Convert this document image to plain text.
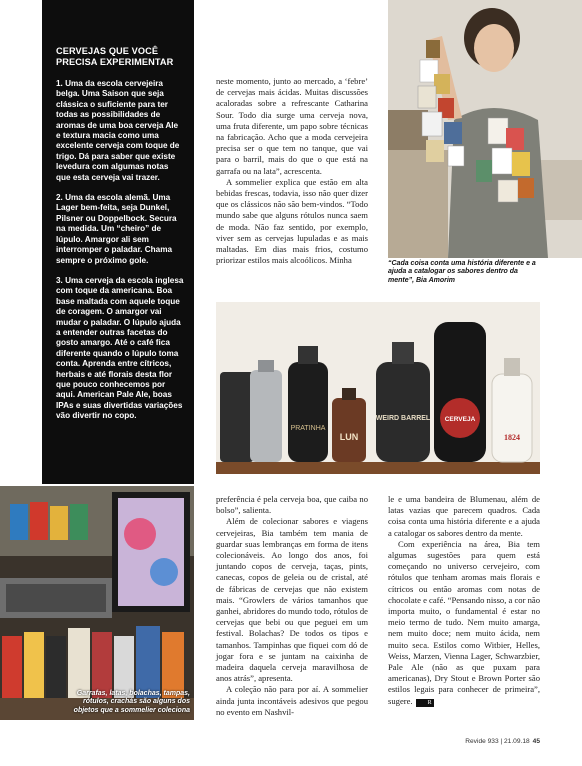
CERVEJAS QUE VOCÊ PRECISA EXPERIMENTAR

1. Uma da escola cervejeira belga. Uma Saison que seja clássica o suficiente para ter todas as possibilidades de aromas de uma boa cerveja Ale e textura macia como uma excelente cerveja com toque de trigo. Dá para saber que existe levedura com algumas notas que esta cerveja vai trazer.

2. Uma da escola alemã. Uma Lager bem-feita, seja Dunkel, Pilsner ou Doppelbock. Secura na medida. Um “cheiro” de lúpulo. Amargor ali sem interromper o paladar. Chama sempre o próximo gole.

3. Uma cerveja da escola inglesa com toque da americana. Boa base maltada com aquele toque de coragem. O amargor vai mudar o paladar. O lúpulo ajuda a entender outras facetas do gosto amargo. Até o café fica diferente quando o lúpulo toma conta. Aprenda entre cítricos, herbais e até florais desta flor que pouco conhecemos por aqui. American Pale Ale, boas IPAs e suas divertidas variações vão divertir no copo.

neste momento, junto ao mercado, a ‘febre’ de cervejas mais ácidas. Muitas discussões acaloradas sobre a refrescante Catharina Sour. Todo dia surge uma cerveja nova, uma fruta diferente, um papo sobre técnicas na fabricação. Acho que a moda cervejeira precisa ser o que tem no tanque, que vai para o barril, mais do que o que está na garrafa ou na lata”, acrescenta.

A sommelier explica que estão em alta bebidas frescas, todavia, isso não quer dizer que os clássicos não são bem-vindos. “Todo mundo sabe que alguns rótulos nunca saem de moda. Não faz sentido, por exemplo, viver sem as cervejas lupuladas e as mais maltadas. Em dias mais frios, costumo priorizar estilos mais alcoólicos. Minha	“Cada coisa conta uma história diferente e a ajuda a catalogar os sabores dentro da mente”, Bia Amorim
PRATINHA
LUN
WEIRD BARREL CERVEJA
1824
Garrafas, latas, bolachas, tampas, rótulos, crachás são alguns dos objetos que a sommelier coleciona

preferência é pela cerveja boa, que caiba no bolso”, salienta.

Além de colecionar sabores e viagens cervejeiras, Bia também tem mania de guardar suas lembranças em forma de itens colecionáveis. Ao longo dos anos, foi juntando copos de cerveja, taças, pints, canecas, copos de geleia ou de cristal, até de fábricas de cervejas que não existem mais. “Growlers de vários tamanhos que ganhei, abridores do mundo todo, rótulos de cervejas que bebi ou que peguei em um festival. Bolachas? De todos os tipos e tamanhos. Tampinhas que fiquei com dó de jogar fora e se juntam na caixinha de madeira daquela cerveja maravilhosa de anos atrás”, apresenta.

A coleção não para por aí. A sommelier ainda junta incontáveis adesivos que pegou no evento em Nashvil-

le e uma bandeira de Blumenau, além de latas vazias que parecem quadros. Cada coisa conta uma história diferente e a ajuda a catalogar os sabores dentro da mente.

Com experiência na área, Bia tem algumas sugestões para quem está começando no universo cervejeiro, com rótulos que tenham aromas mais florais e cítricos ou então aromas com notas de chocolate e café. “Pensando nisso, a cor não importa muito, o fundamental é estar no meio termo de tudo. Nem muito amarga, nem muito doce; nem muito ácida, nem muito seca. Estilos como Witbier, Helles, Weiss, Marzen, Vienna Lager, Schwarzbier, Pale Ale (não as que puxam para americanas), Dry Stout e Brown Porter são estilos legais para conhecer de primeira”, sugere.	R

Revide 933 | 21.09.18 45
